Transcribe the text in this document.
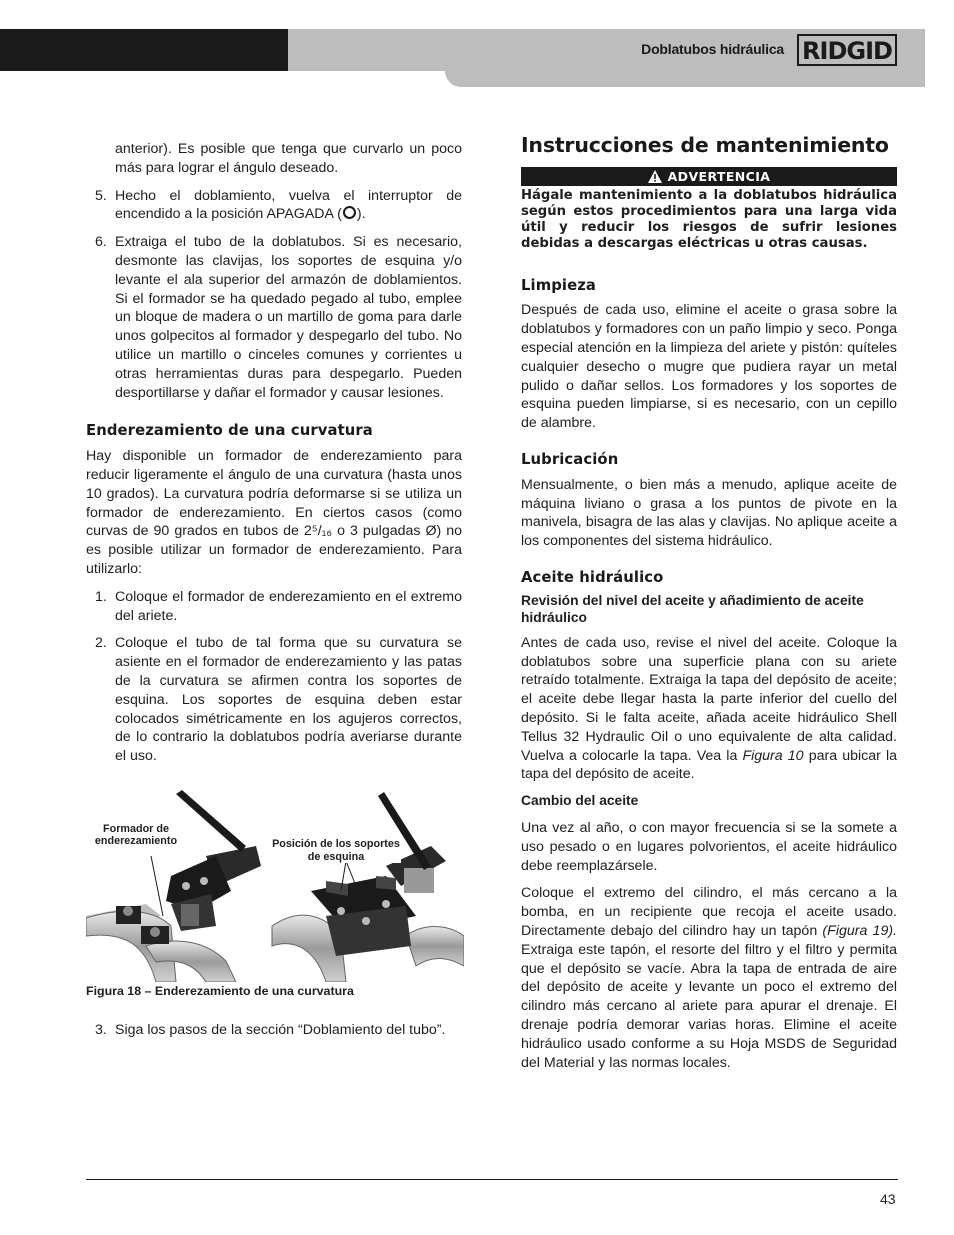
Doblatubos hidráulica RIDGID

anterior). Es posible que tenga que curvarlo un poco más para lograr el ángulo deseado.

5. Hecho el doblamiento, vuelva el interruptor de encendido a la posición APAGADA ( ).
6. Extraiga el tubo de la doblatubos. Si es necesario, desmonte las clavijas, los soportes de esquina y/o levante el ala superior del armazón de doblamientos. Si el formador se ha quedado pegado al tubo, emplee un bloque de madera o un martillo de goma para darle unos golpecitos al formador y despegarlo del tubo. No utilice un martillo o cinceles comunes y corrientes u otras herramientas duras para despegarlo. Pueden desportillarse y dañar el formador y causar lesiones.
Enderezamiento de una curvatura

Hay disponible un formador de enderezamiento para reducir ligeramente el ángulo de una curvatura (hasta unos 10 grados). La curvatura podría deformarse si se utiliza un formador de enderezamiento. En ciertos casos (como curvas de 90 grados en tubos de 2⁵/₁₆ o 3 pulgadas Ø) no es posible utilizar un formador de enderezamiento. Para utilizarlo:

1. Coloque el formador de enderezamiento en el extremo del ariete.
2. Coloque el tubo de tal forma que su curvatura se asiente en el formador de enderezamiento y las patas de la curvatura se afirmen contra los soportes de esquina. Los soportes de esquina deben estar colocados simétricamente en los agujeros correctos, de lo contrario la doblatubos podría averiarse durante el uso.
Formador de enderezamiento	Posición de los soportes de esquina
Figura 18 – Enderezamiento de una curvatura
3. Siga los pasos de la sección “Doblamiento del tubo”.
Instrucciones de mantenimiento
ADVERTENCIA

Hágale mantenimiento a la doblatubos hidráulica según estos procedimientos para una larga vida útil y reducir los riesgos de sufrir lesiones debidas a descargas eléctricas u otras causas.

Limpieza

Después de cada uso, elimine el aceite o grasa sobre la doblatubos y formadores con un paño limpio y seco. Ponga especial atención en la limpieza del ariete y pistón: quíteles cualquier desecho o mugre que pudiera rayar un metal pulido o dañar sellos. Los formadores y los soportes de esquina pueden limpiarse, si es necesario, con un cepillo de alambre.

Lubricación

Mensualmente, o bien más a menudo, aplique aceite de máquina liviano o grasa a los puntos de pivote en la manivela, bisagra de las alas y clavijas. No aplique aceite a los componentes del sistema hidráulico.

Aceite hidráulico
Revisión del nivel del aceite y añadimiento de aceite hidráulico

Antes de cada uso, revise el nivel del aceite. Coloque la doblatubos sobre una superficie plana con su ariete retraído totalmente. Extraiga la tapa del depósito de aceite; el aceite debe llegar hasta la parte inferior del cuello del depósito. Si le falta aceite, añada aceite hidráulico Shell Tellus 32 Hydraulic Oil o uno equivalente de alta calidad. Vuelva a colocarle la tapa. Vea la Figura 10 para ubicar la tapa del depósito de aceite.

Cambio del aceite

Una vez al año, o con mayor frecuencia si se la somete a uso pesado o en lugares polvorientos, el aceite hidráulico debe reemplazársele.

Coloque el extremo del cilindro, el más cercano a la bomba, en un recipiente que recoja el aceite usado. Directamente debajo del cilindro hay un tapón (Figura 19). Extraiga este tapón, el resorte del filtro y el filtro y permita que el depósito se vacíe. Abra la tapa de entrada de aire del depósito de aceite y levante un poco el extremo del cilindro más cercano al ariete para apurar el drenaje. El drenaje podría demorar varias horas. Elimine el aceite hidráulico usado conforme a su Hoja MSDS de Seguridad del Material y las normas locales.

43
